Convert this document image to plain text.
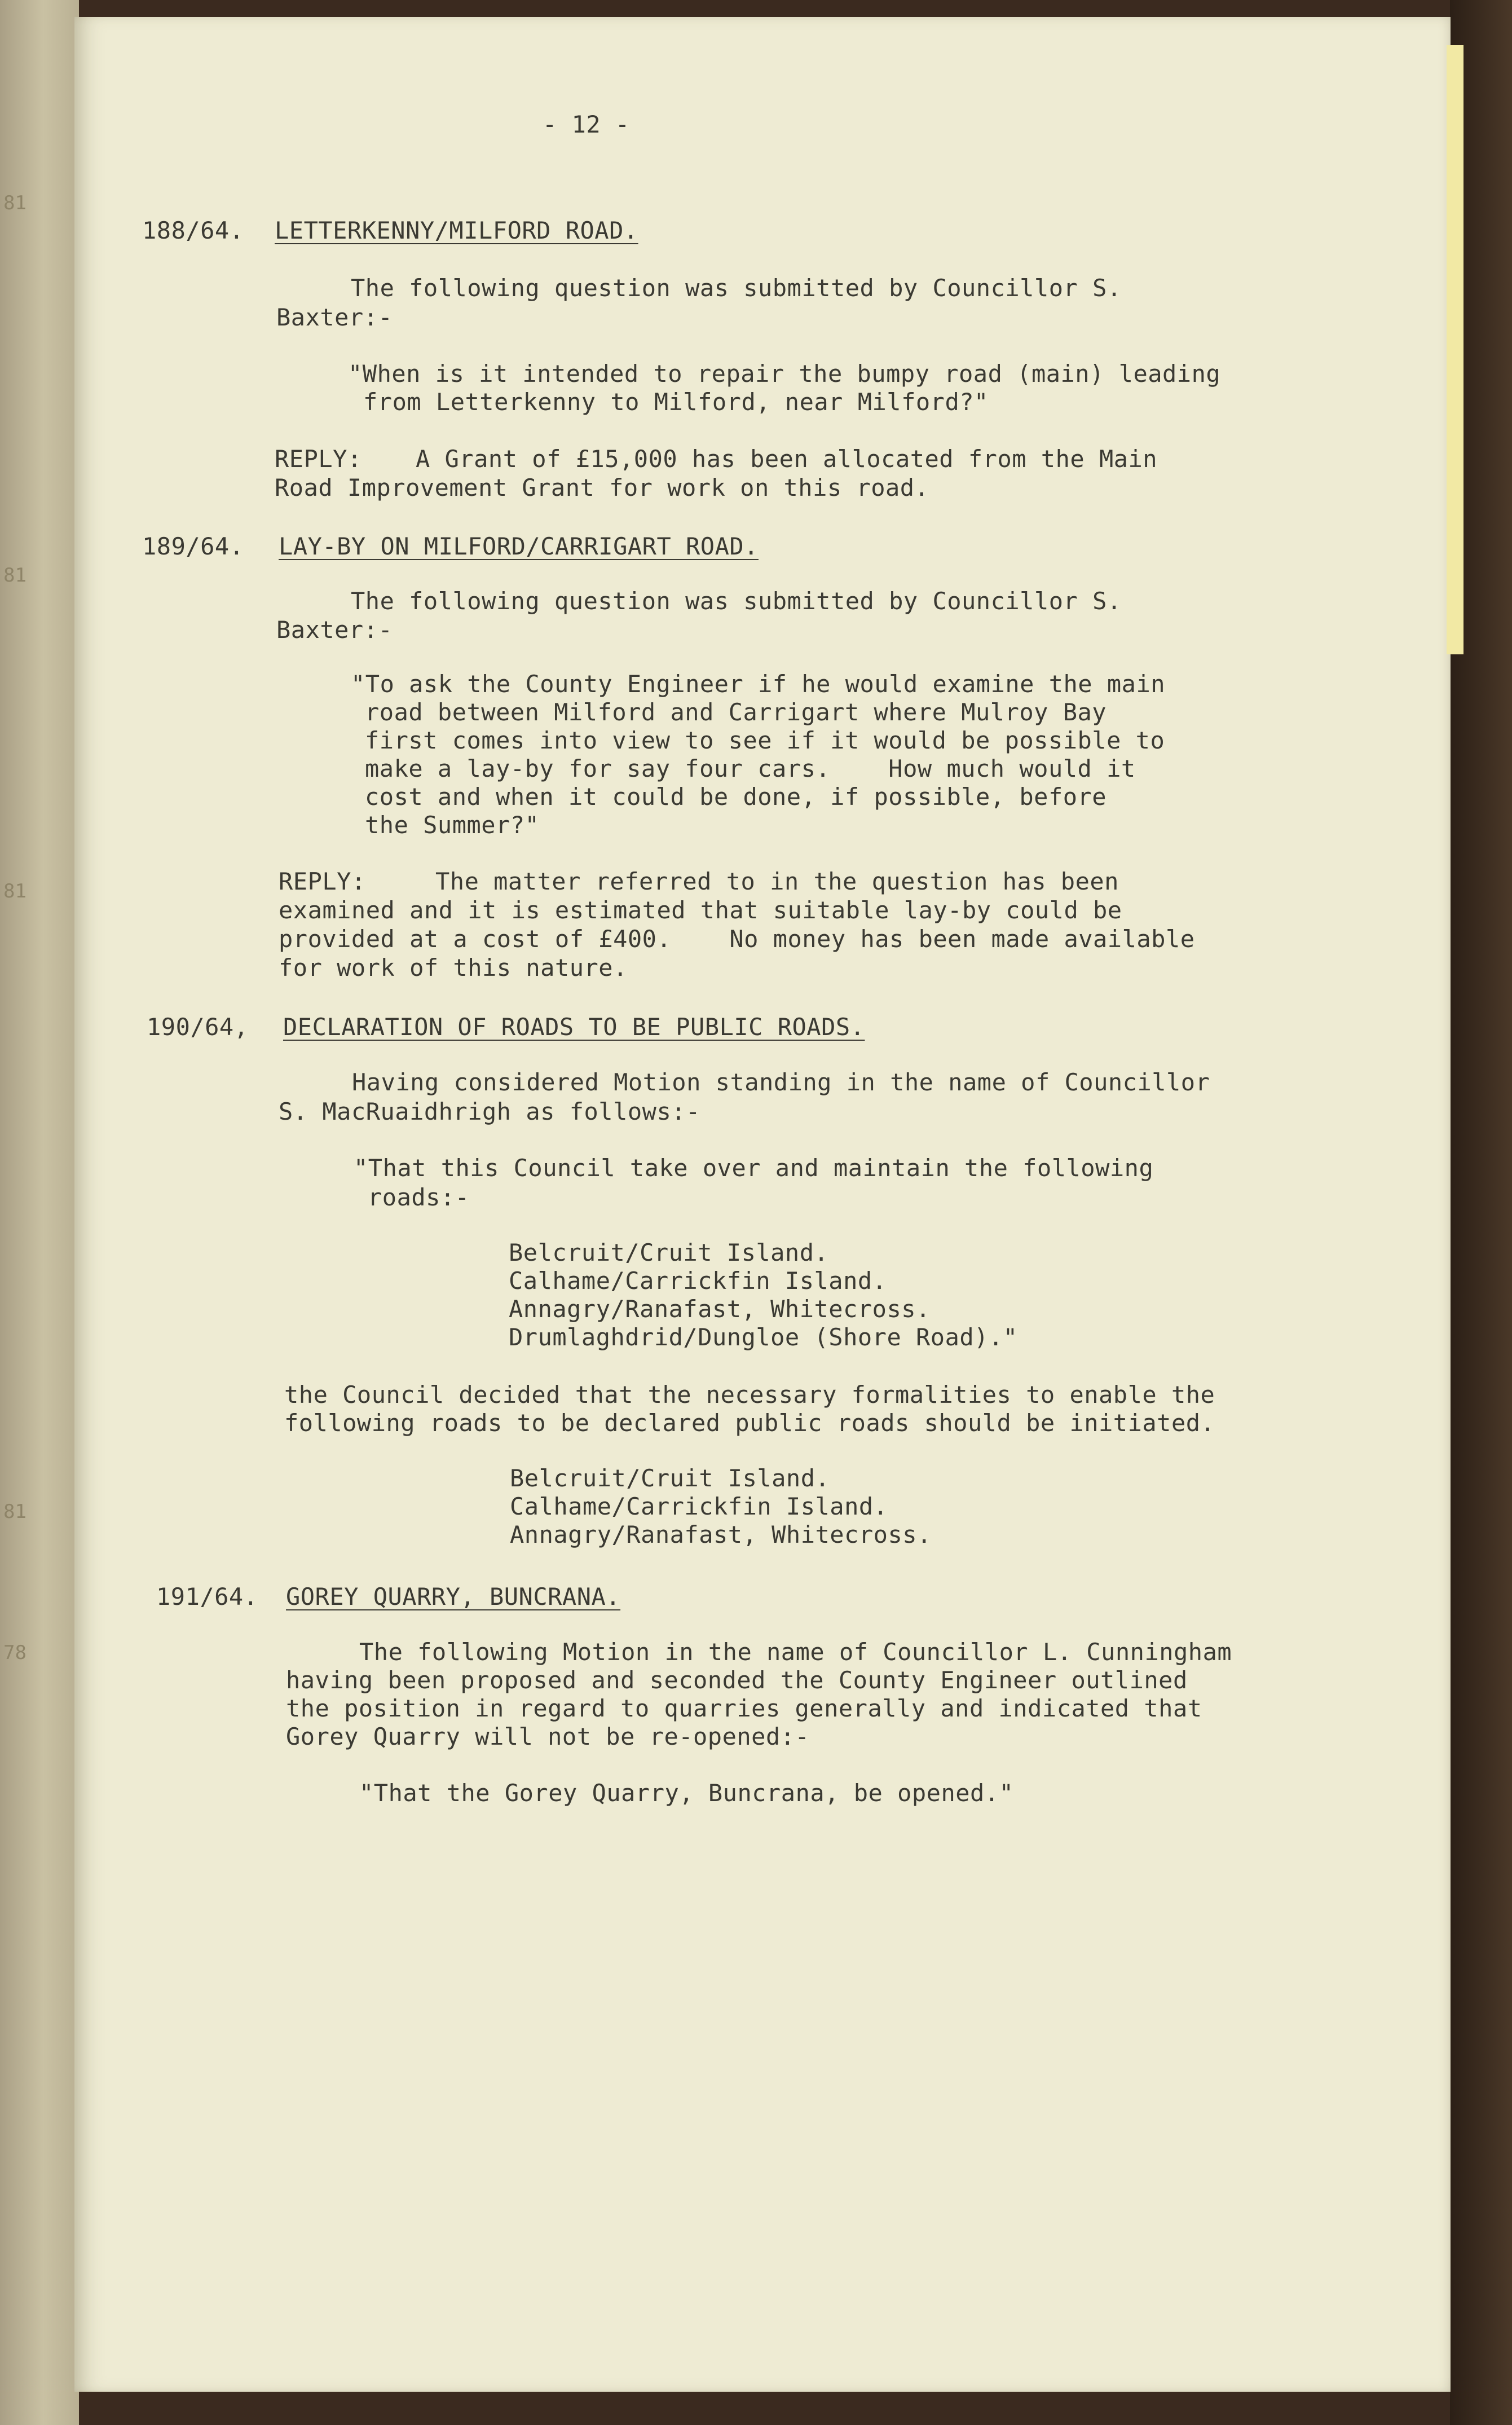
81
81
81
81
78
- 12 -
188/64. LETTERKENNY/MILFORD ROAD.
The following question was submitted by Councillor S.
Baxter:-
"When is it intended to repair the bumpy road (main) leading
from Letterkenny to Milford, near Milford?"
REPLY: A Grant of £15,000 has been allocated from the Main
Road Improvement Grant for work on this road.
189/64. LAY-BY ON MILFORD/CARRIGART ROAD.
The following question was submitted by Councillor S.
Baxter:-
"To ask the County Engineer if he would examine the main
road between Milford and Carrigart where Mulroy Bay
first comes into view to see if it would be possible to
make a lay-by for say four cars.    How much would it
cost and when it could be done, if possible, before
the Summer?"
REPLY:	The matter referred to in the question has been
examined and it is estimated that suitable lay-by could be
provided at a cost of £400.    No money has been made available
for work of this nature.
190/64, DECLARATION OF ROADS TO BE PUBLIC ROADS.
Having considered Motion standing in the name of Councillor
S. MacRuaidhrigh as follows:-
"That this Council take over and maintain the following
roads:-
Belcruit/Cruit Island.
Calhame/Carrickfin Island.
Annagry/Ranafast, Whitecross.
Drumlaghdrid/Dungloe (Shore Road)."
the Council decided that the necessary formalities to enable the
following roads to be declared public roads should be initiated.
Belcruit/Cruit Island.
Calhame/Carrickfin Island.
Annagry/Ranafast, Whitecross.
191/64. GOREY QUARRY, BUNCRANA.
The following Motion in the name of Councillor L. Cunningham
having been proposed and seconded the County Engineer outlined
the position in regard to quarries generally and indicated that
Gorey Quarry will not be re-opened:-
"That the Gorey Quarry, Buncrana, be opened."
